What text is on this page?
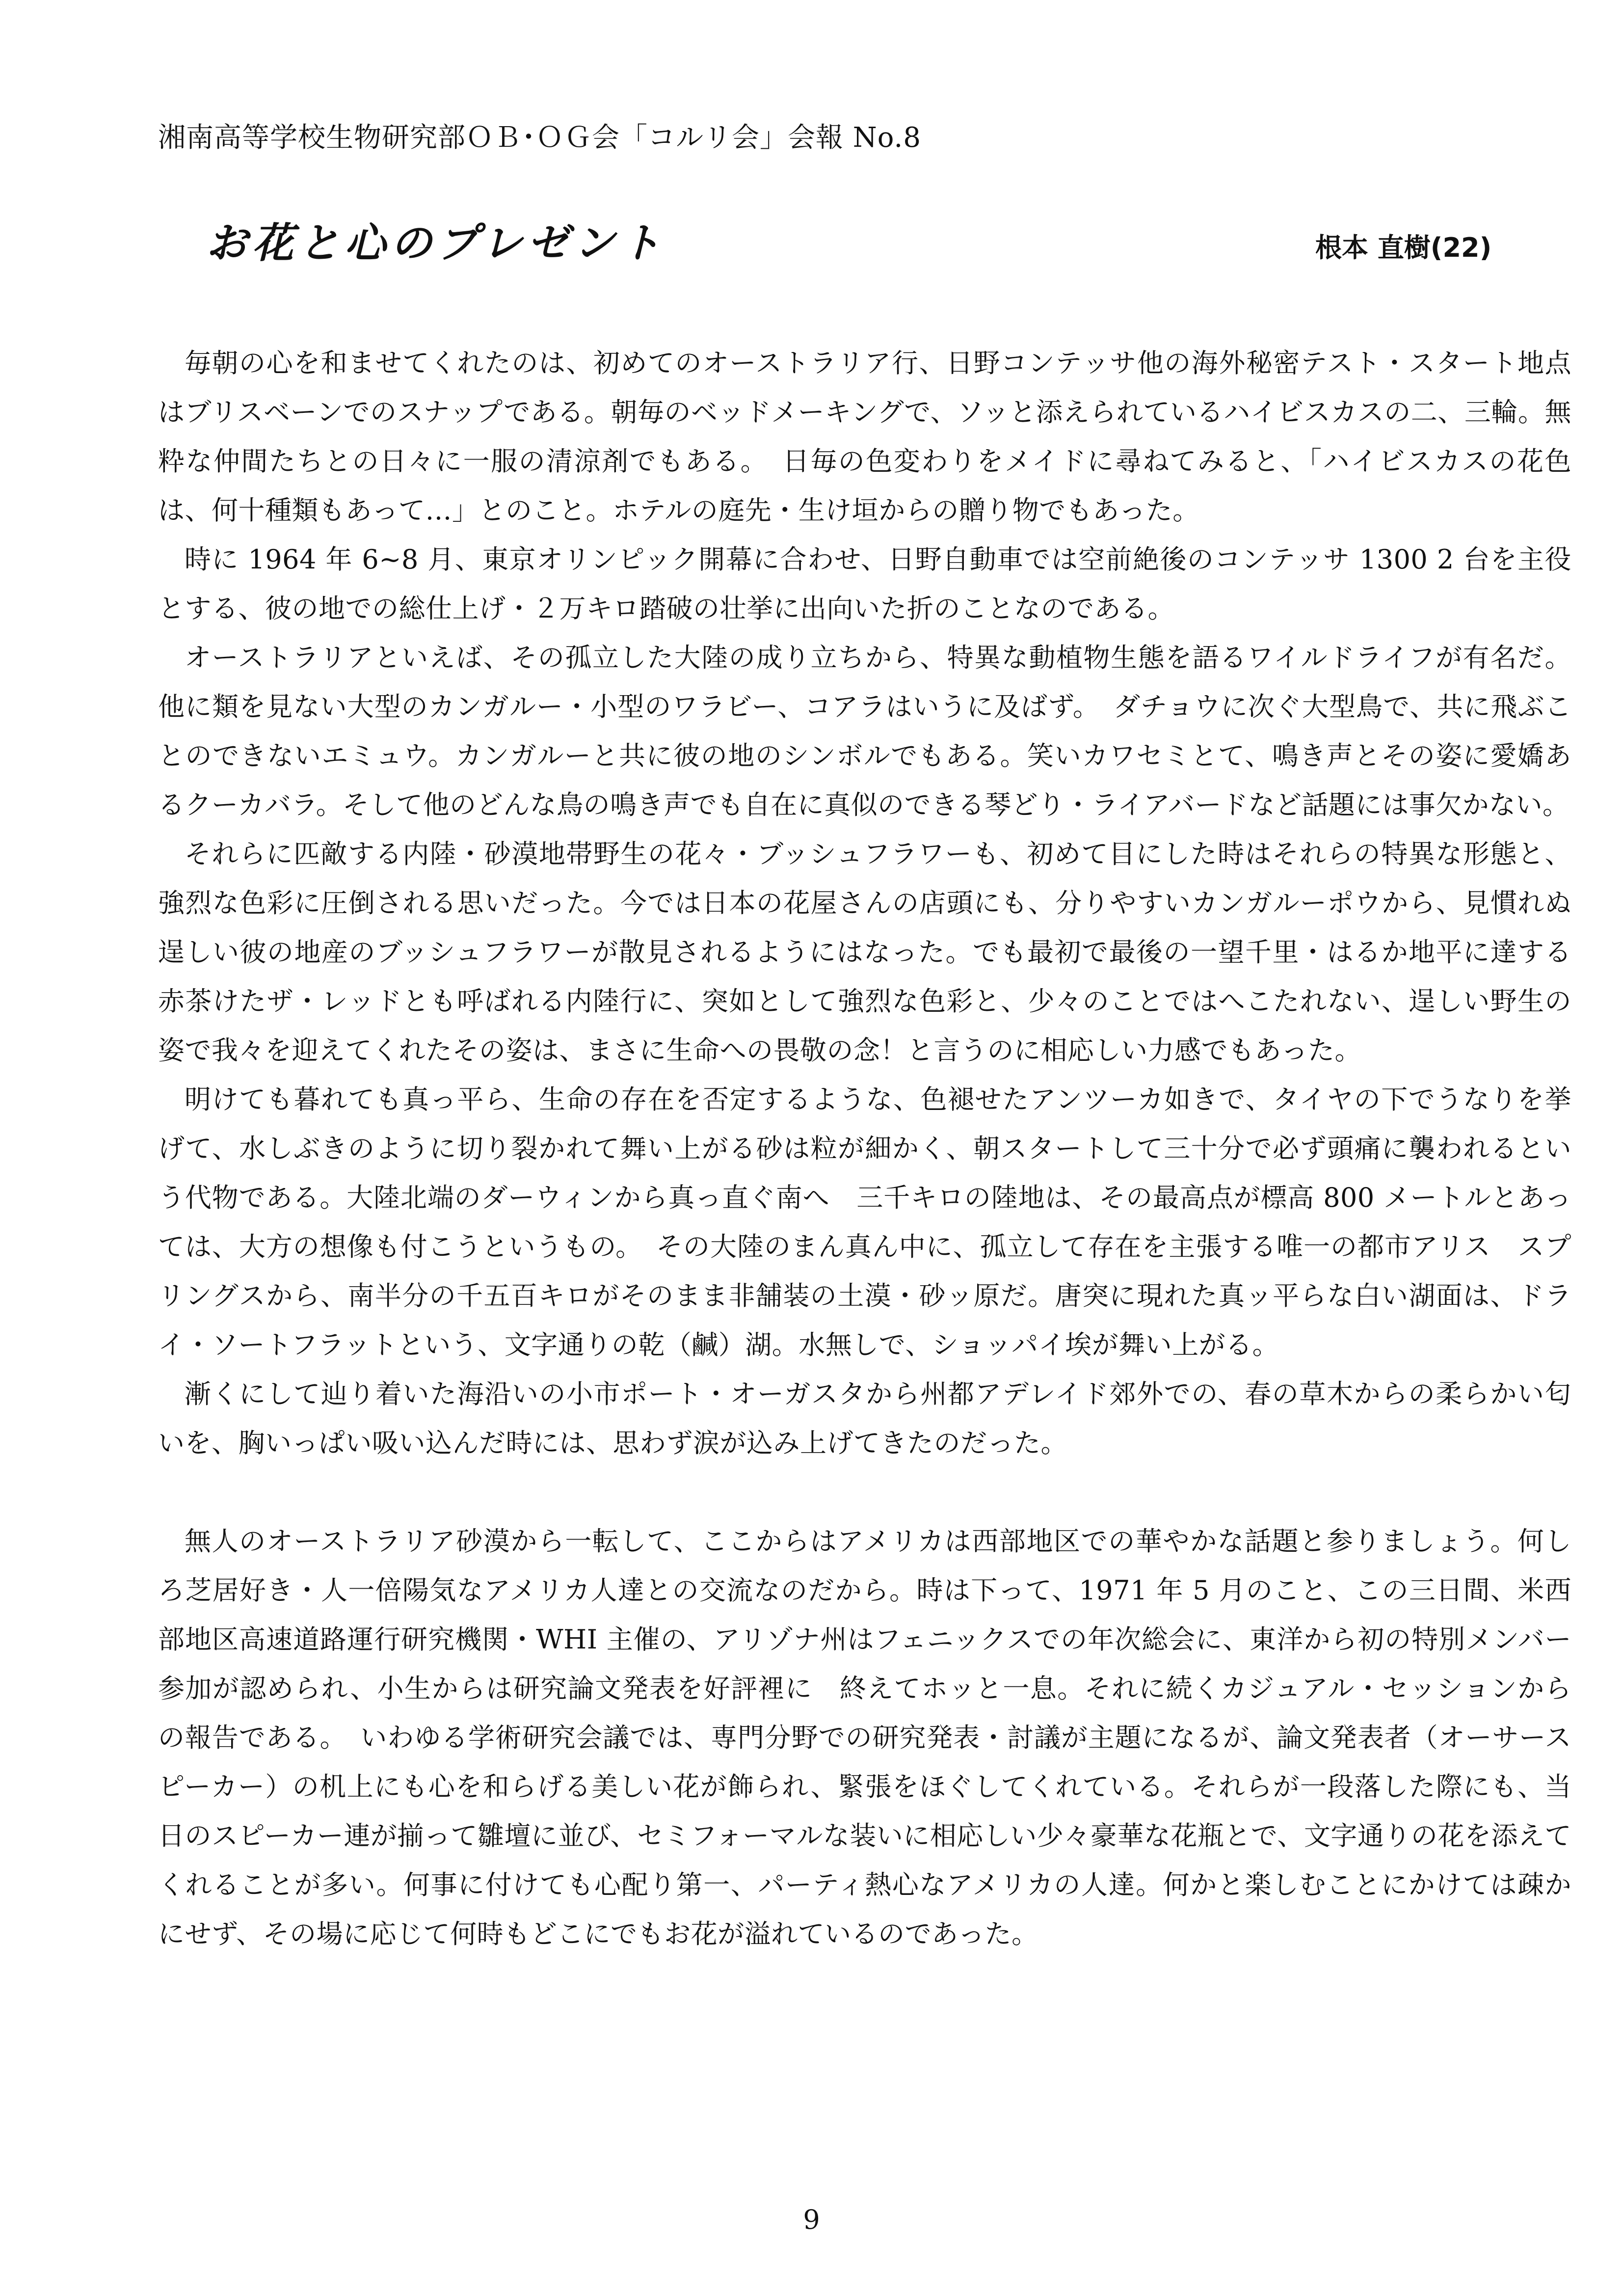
湘南高等学校生物研究部ＯＢ･ＯＧ会「コルリ会」会報 No.8
お花と心のプレゼント	根本 直樹(22)

毎朝の心を和ませてくれたのは、初めてのオーストラリア行、日野コンテッサ他の海外秘密テスト・スタート地点はブリスベーンでのスナップである。朝毎のベッドメーキングで、ソッと添えられているハイビスカスの二、三輪。無粋な仲間たちとの日々に一服の清涼剤でもある。　日毎の色変わりをメイドに尋ねてみると、「ハイビスカスの花色は、何十種類もあって…」とのこと。ホテルの庭先・生け垣からの贈り物でもあった。

時に 1964 年 6~8 月、東京オリンピック開幕に合わせ、日野自動車では空前絶後のコンテッサ 1300 2 台を主役とする、彼の地での総仕上げ・２万キロ踏破の壮挙に出向いた折のことなのである。

オーストラリアといえば、その孤立した大陸の成り立ちから、特異な動植物生態を語るワイルドライフが有名だ。他に類を見ない大型のカンガルー・小型のワラビー、コアラはいうに及ばず。　ダチョウに次ぐ大型鳥で、共に飛ぶことのできないエミュウ。カンガルーと共に彼の地のシンボルでもある。笑いカワセミとて、鳴き声とその姿に愛嬌あるクーカバラ。そして他のどんな鳥の鳴き声でも自在に真似のできる琴どり・ライアバードなど話題には事欠かない。

それらに匹敵する内陸・砂漠地帯野生の花々・ブッシュフラワーも、初めて目にした時はそれらの特異な形態と、強烈な色彩に圧倒される思いだった。今では日本の花屋さんの店頭にも、分りやすいカンガルーポウから、見慣れぬ逞しい彼の地産のブッシュフラワーが散見されるようにはなった。でも最初で最後の一望千里・はるか地平に達する赤茶けたザ・レッドとも呼ばれる内陸行に、突如として強烈な色彩と、少々のことではへこたれない、逞しい野生の姿で我々を迎えてくれたその姿は、まさに生命への畏敬の念！と言うのに相応しい力感でもあった。

明けても暮れても真っ平ら、生命の存在を否定するような、色褪せたアンツーカ如きで、タイヤの下でうなりを挙げて、水しぶきのように切り裂かれて舞い上がる砂は粒が細かく、朝スタートして三十分で必ず頭痛に襲われるという代物である。大陸北端のダーウィンから真っ直ぐ南へ　三千キロの陸地は、その最高点が標高 800 メートルとあっては、大方の想像も付こうというもの。　その大陸のまん真ん中に、孤立して存在を主張する唯一の都市アリス　スプリングスから、南半分の千五百キロがそのまま非舗装の土漠・砂ッ原だ。唐突に現れた真ッ平らな白い湖面は、ドライ・ソートフラットという、文字通りの乾（鹹）湖。水無しで、ショッパイ埃が舞い上がる。

漸くにして辿り着いた海沿いの小市ポート・オーガスタから州都アデレイド郊外での、春の草木からの柔らかい匂いを、胸いっぱい吸い込んだ時には、思わず涙が込み上げてきたのだった。

無人のオーストラリア砂漠から一転して、ここからはアメリカは西部地区での華やかな話題と参りましょう。何しろ芝居好き・人一倍陽気なアメリカ人達との交流なのだから。時は下って、1971 年 5 月のこと、この三日間、米西部地区高速道路運行研究機関・WHI 主催の、アリゾナ州はフェニックスでの年次総会に、東洋から初の特別メンバー参加が認められ、小生からは研究論文発表を好評裡に　終えてホッと一息。それに続くカジュアル・セッションからの報告である。　いわゆる学術研究会議では、専門分野での研究発表・討議が主題になるが、論文発表者（オーサースピーカー）の机上にも心を和らげる美しい花が飾られ、緊張をほぐしてくれている。それらが一段落した際にも、当日のスピーカー連が揃って雛壇に並び、セミフォーマルな装いに相応しい少々豪華な花瓶とで、文字通りの花を添えてくれることが多い。何事に付けても心配り第一、パーティ熱心なアメリカの人達。何かと楽しむことにかけては疎かにせず、その場に応じて何時もどこにでもお花が溢れているのであった。

9
